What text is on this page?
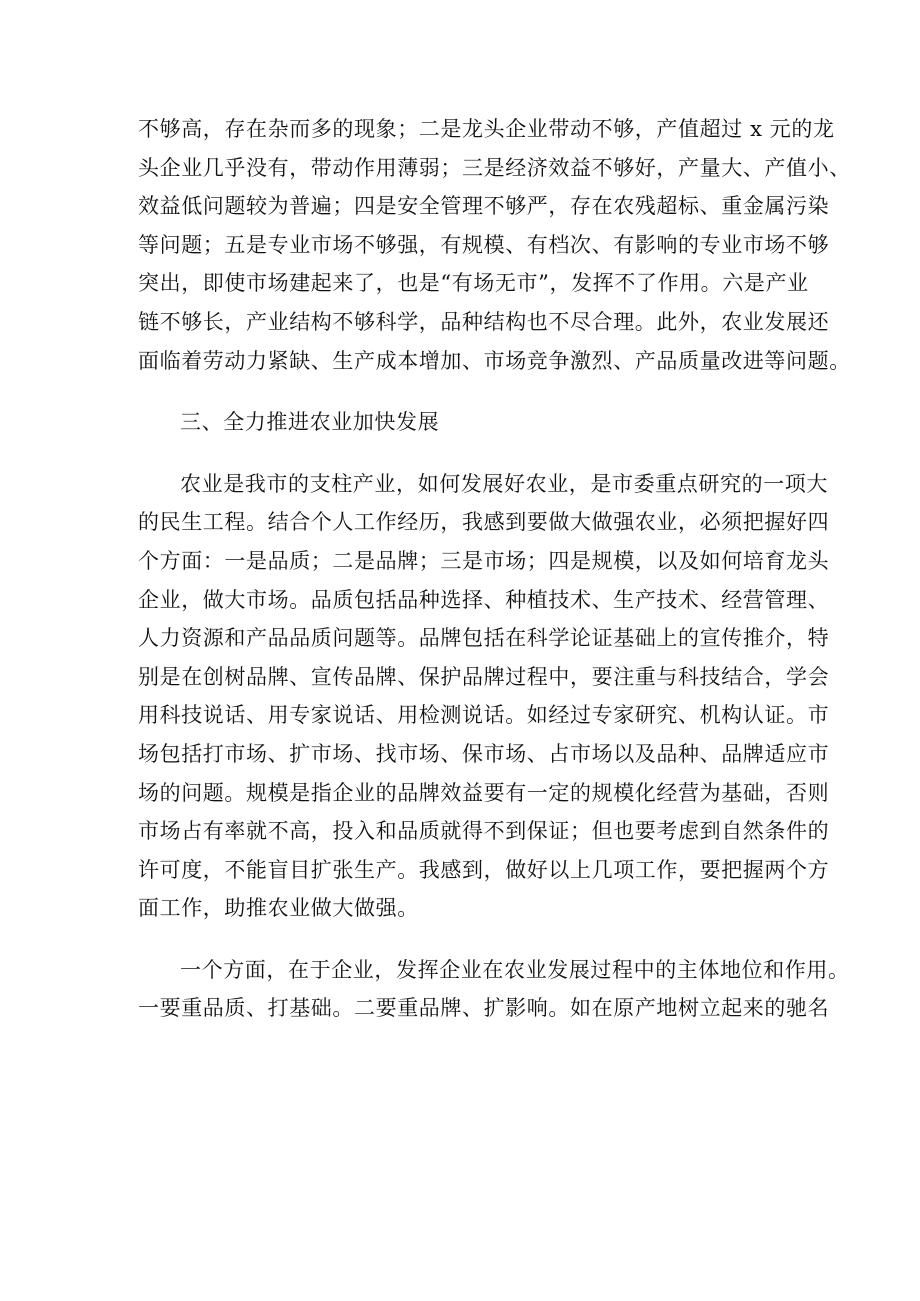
不够高，存在杂而多的现象；二是龙头企业带动不够，产值超过 x 元的龙
头企业几乎没有，带动作用薄弱；三是经济效益不够好，产量大、产值小、
效益低问题较为普遍；四是安全管理不够严，存在农残超标、重金属污染
等问题；五是专业市场不够强，有规模、有档次、有影响的专业市场不够
突出，即使市场建起来了，也是“有场无市”，发挥不了作用。六是产业
链不够长，产业结构不够科学，品种结构也不尽合理。此外，农业发展还
面临着劳动力紧缺、生产成本增加、市场竞争激烈、产品质量改进等问题。
三、全力推进农业加快发展
农业是我市的支柱产业，如何发展好农业，是市委重点研究的一项大
的民生工程。结合个人工作经历，我感到要做大做强农业，必须把握好四
个方面：一是品质；二是品牌；三是市场；四是规模，以及如何培育龙头
企业，做大市场。品质包括品种选择、种植技术、生产技术、经营管理、
人力资源和产品品质问题等。品牌包括在科学论证基础上的宣传推介，特
别是在创树品牌、宣传品牌、保护品牌过程中，要注重与科技结合，学会
用科技说话、用专家说话、用检测说话。如经过专家研究、机构认证。市
场包括打市场、扩市场、找市场、保市场、占市场以及品种、品牌适应市
场的问题。规模是指企业的品牌效益要有一定的规模化经营为基础，否则
市场占有率就不高，投入和品质就得不到保证；但也要考虑到自然条件的
许可度，不能盲目扩张生产。我感到，做好以上几项工作，要把握两个方
面工作，助推农业做大做强。
一个方面，在于企业，发挥企业在农业发展过程中的主体地位和作用。
一要重品质、打基础。二要重品牌、扩影响。如在原产地树立起来的驰名
